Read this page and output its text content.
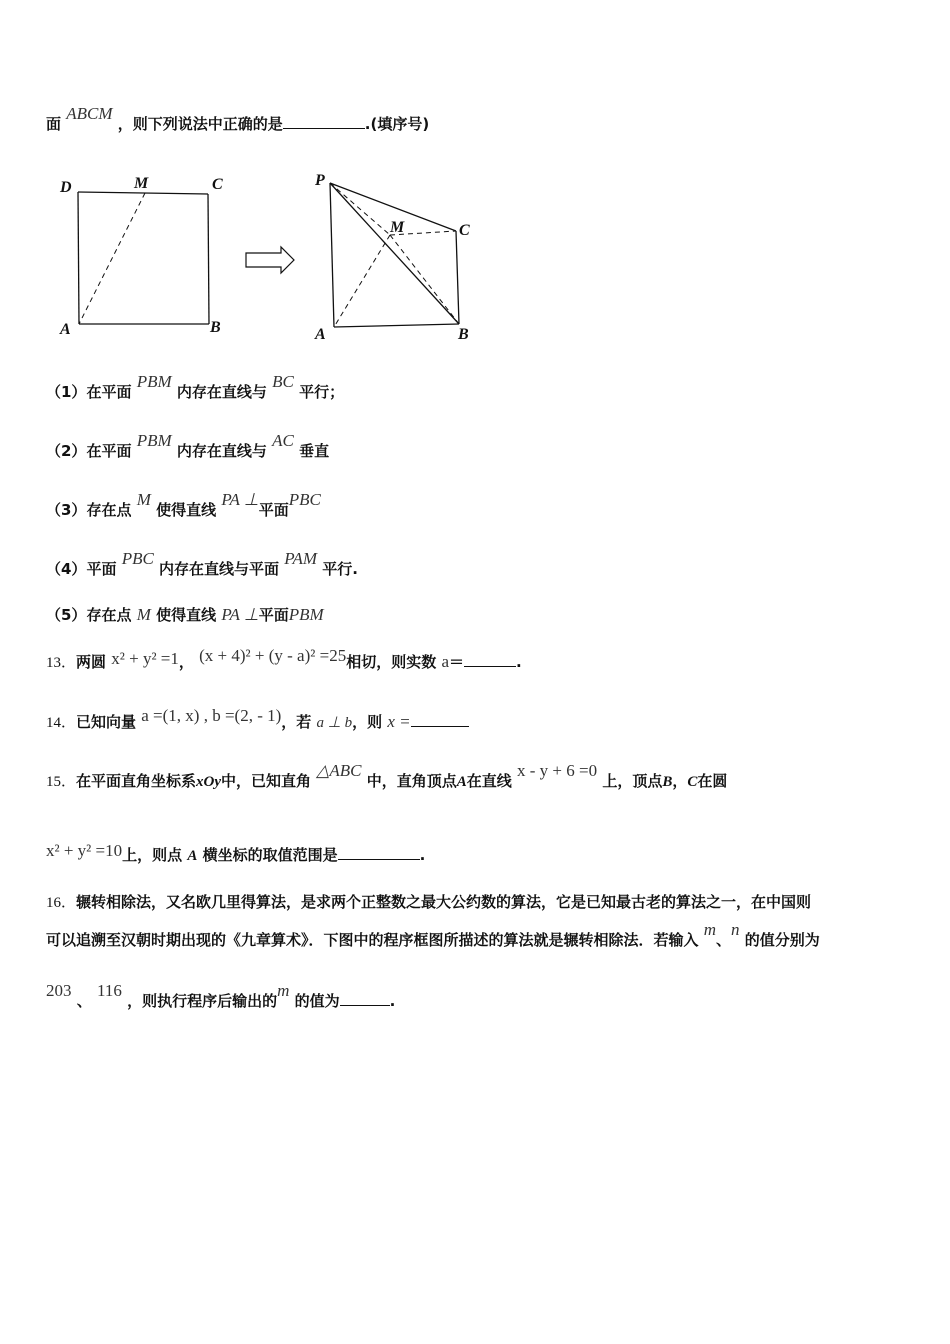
面 ABCM ，则下列说法中正确的是	.(填序号)
D	M	C
A	B
P
M	C
A	B
（1）在平面 PBM 内存在直线与 BC 平行；
（2）在平面 PBM 内存在直线与 AC 垂直
（3）存在点 M 使得直线 PA ⊥平面PBC
（4）平面 PBC 内存在直线与平面 PAM 平行.
（5）存在点 M 使得直线 PA ⊥平面PBM
13．两圆 x² + y² =1， (x + 4)² + (y - a)² =25相切，则实数 a＝	.
14．已知向量 a =(1, x) , b =(2, - 1)，若 a ⊥ b，则 x =
15．在平面直角坐标系xOy中，已知直角 △ABC 中，直角顶点A在直线 x - y + 6 =0 上，顶点B，C在圆
x² + y² =10上，则点 A 横坐标的取值范围是	.
16．辗转相除法，又名欧几里得算法，是求两个正整数之最大公约数的算法，它是已知最古老的算法之一，在中国则
可以追溯至汉朝时期出现的《九章算术》．下图中的程序框图所描述的算法就是辗转相除法．若输入 m、n 的值分别为
203 、 116 ，则执行程序后输出的m 的值为	.
